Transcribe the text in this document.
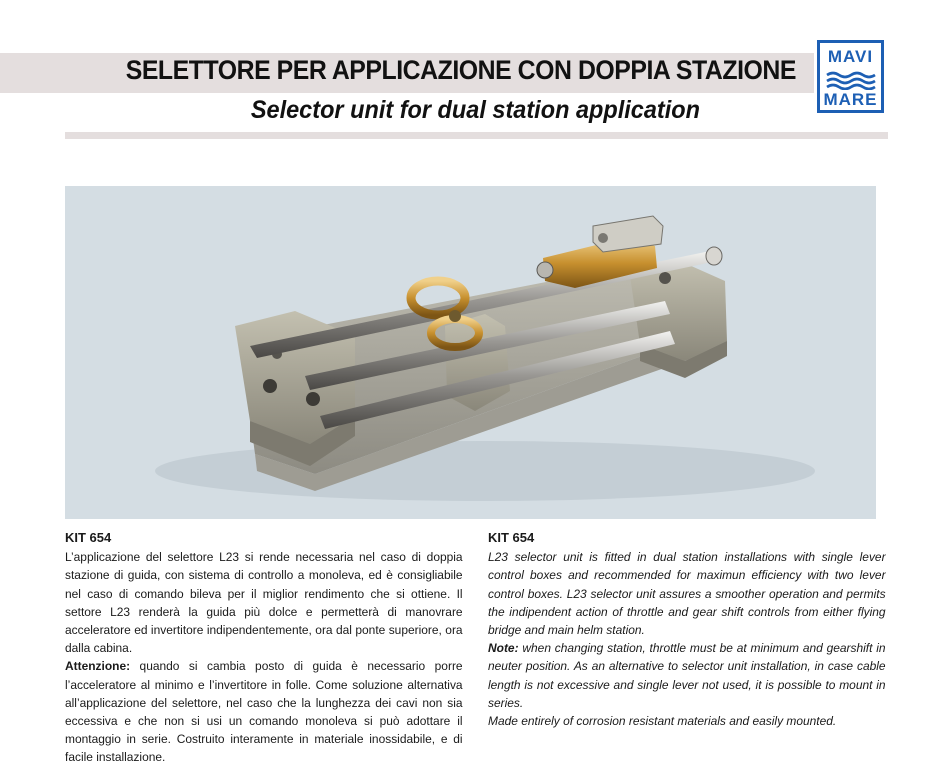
SELETTORE PER APPLICAZIONE CON DOPPIA STAZIONE
Selector unit for dual station application
MAVI
MARE
KIT 654
L’applicazione del selettore L23 si rende necessaria nel caso di doppia stazione di guida, con sistema di controllo a monoleva, ed è consigliabile nel caso di comando bileva per il miglior rendimento che si ottiene. Il settore L23 renderà la guida più dolce e permetterà di manovrare acceleratore ed invertitore indipendentemente, ora dal ponte superiore, ora dalla cabina.
Attenzione: quando si cambia posto di guida è necessario porre l’acceleratore al minimo e l’invertitore in folle. Come soluzione alternativa all’applicazione del selettore, nel caso che la lunghezza dei cavi non sia eccessiva e che non si usi un comando monoleva si può adottare il montaggio in serie. Costruito interamente in materiale inossidabile, e di facile installazione.
KIT 654
L23 selector unit is fitted in dual station installations with single lever control boxes and recommended for maximun efficiency with two lever control boxes. L23 selector unit assures a smoother operation and permits the indipendent action of throttle and gear shift controls from either flying bridge and main helm station.
Note: when changing station, throttle must be at minimum and gearshift in neuter position. As an alternative to selector unit installation, in case cable length is not excessive and single lever not used, it is possible to mount in series.
Made entirely of corrosion resistant materials and easily mounted.
